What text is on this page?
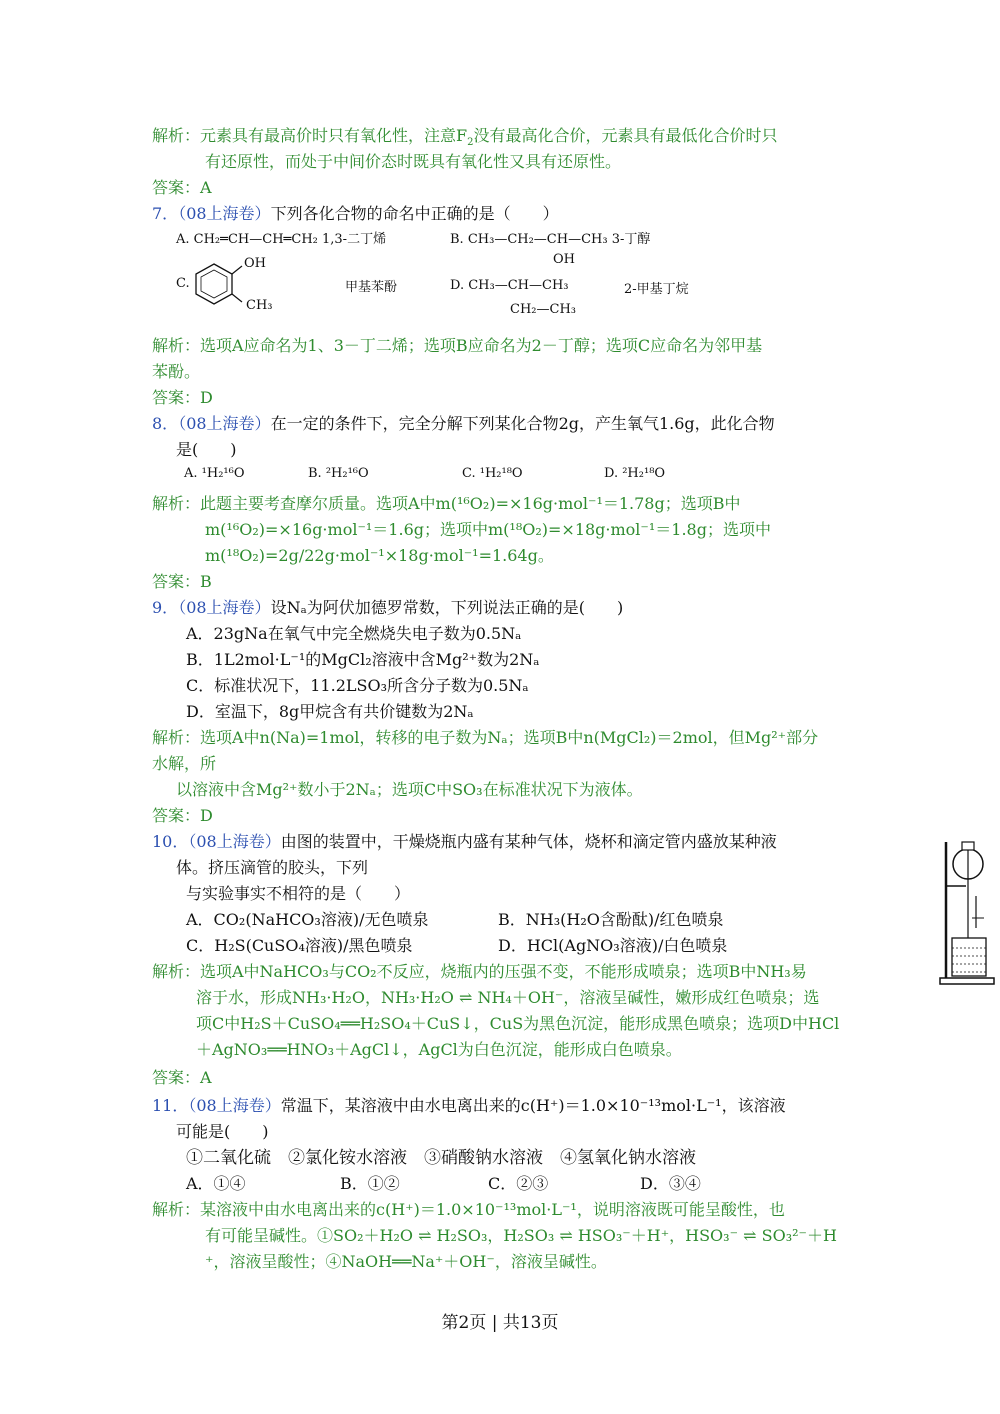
解析：元素具有最高价时只有氧化性，注意$F_2$没有最高化合价，元素具有最低化合价时只
有还原性，而处于中间价态时既具有氧化性又具有还原性。
答案：A
7．（08上海卷）下列各化合物的命名中正确的是（　　）
A. CH₂═CH—CH═CH₂ 1,3-二丁烯	B. CH₃—CH₂—CH—CH₃ 3-丁醇
OH
C.
OH
CH₃
甲基苯酚	D. CH₃—CH—CH₃
CH₂—CH₃
2-甲基丁烷
解析：选项A应命名为1、3－丁二烯；选项B应命名为2－丁醇；选项C应命名为邻甲基
苯酚。
答案：D
8．（08上海卷）在一定的条件下，完全分解下列某化合物2g，产生氧气1.6g，此化合物
是(　　)
A. ¹H₂¹⁶O	B. ²H₂¹⁶O	C. ¹H₂¹⁸O	D. ²H₂¹⁸O
解析：此题主要考查摩尔质量。选项A中m(¹⁶O₂)=×16g·mol⁻¹＝1.78g；选项B中
m(¹⁶O₂)=×16g·mol⁻¹＝1.6g；选项中m(¹⁸O₂)=×18g·mol⁻¹＝1.8g；选项中
m(¹⁸O₂)=2g/22g·mol⁻¹×18g·mol⁻¹=1.64g。
答案：B
9．（08上海卷）设Nₐ为阿伏加德罗常数，下列说法正确的是(　　)
A．23gNa在氧气中完全燃烧失电子数为0.5Nₐ
B．1L2mol·L⁻¹的MgCl₂溶液中含Mg²⁺数为2Nₐ
C．标准状况下，11.2LSO₃所含分子数为0.5Nₐ
D．室温下，8g甲烷含有共价键数为2Nₐ
解析：选项A中n(Na)=1mol，转移的电子数为Nₐ；选项B中n(MgCl₂)＝2mol，但Mg²⁺部分
水解，所
以溶液中含Mg²⁺数小于2Nₐ；选项C中SO₃在标准状况下为液体。
答案：D
10．（08上海卷）由图的装置中，干燥烧瓶内盛有某种气体，烧杯和滴定管内盛放某种液
体。挤压滴管的胶头，下列
与实验事实不相符的是（　　）
A．CO₂(NaHCO₃溶液)/无色喷泉	B．NH₃(H₂O含酚酞)/红色喷泉
C．H₂S(CuSO₄溶液)/黑色喷泉	D．HCl(AgNO₃溶液)/白色喷泉
解析：选项A中NaHCO₃与CO₂不反应，烧瓶内的压强不变，不能形成喷泉；选项B中NH₃易
溶于水，形成NH₃·H₂O，NH₃·H₂O ⇌ NH₄＋OH⁻，溶液呈碱性，嫩形成红色喷泉；选
项C中H₂S＋CuSO₄══H₂SO₄＋CuS↓，CuS为黑色沉淀，能形成黑色喷泉；选项D中HCl
＋AgNO₃══HNO₃＋AgCl↓，AgCl为白色沉淀，能形成白色喷泉。
答案：A
11．（08上海卷）常温下，某溶液中由水电离出来的c(H⁺)＝1.0×10⁻¹³mol·L⁻¹，该溶液
可能是(　　)
①二氧化硫　②氯化铵水溶液　③硝酸钠水溶液　④氢氧化钠水溶液
A．①④	B．①②	C．②③	D．③④
解析：某溶液中由水电离出来的c(H⁺)＝1.0×10⁻¹³mol·L⁻¹，说明溶液既可能呈酸性，也
有可能呈碱性。①SO₂＋H₂O ⇌ H₂SO₃，H₂SO₃ ⇌ HSO₃⁻＋H⁺，HSO₃⁻ ⇌ SO₃²⁻＋H
⁺，溶液呈酸性；④NaOH══Na⁺＋OH⁻，溶液呈碱性。
第2页 | 共13页
